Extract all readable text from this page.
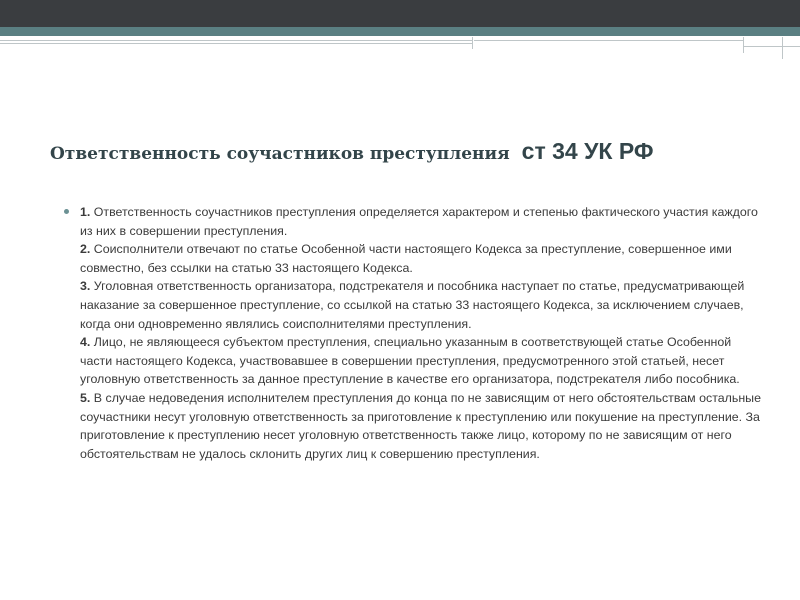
Ответственность соучастников преступления ст 34 УК РФ
1. Ответственность соучастников преступления определяется характером и степенью фактического участия каждого из них в совершении преступления.
2. Соисполнители отвечают по статье Особенной части настоящего Кодекса за преступление, совершенное ими совместно, без ссылки на статью 33 настоящего Кодекса.
3. Уголовная ответственность организатора, подстрекателя и пособника наступает по статье, предусматривающей наказание за совершенное преступление, со ссылкой на статью 33 настоящего Кодекса, за исключением случаев, когда они одновременно являлись соисполнителями преступления.
4. Лицо, не являющееся субъектом преступления, специально указанным в соответствующей статье Особенной части настоящего Кодекса, участвовавшее в совершении преступления, предусмотренного этой статьей, несет уголовную ответственность за данное преступление в качестве его организатора, подстрекателя либо пособника.
5. В случае недоведения исполнителем преступления до конца по не зависящим от него обстоятельствам остальные соучастники несут уголовную ответственность за приготовление к преступлению или покушение на преступление. За приготовление к преступлению несет уголовную ответственность также лицо, которому по не зависящим от него обстоятельствам не удалось склонить других лиц к совершению преступления.
